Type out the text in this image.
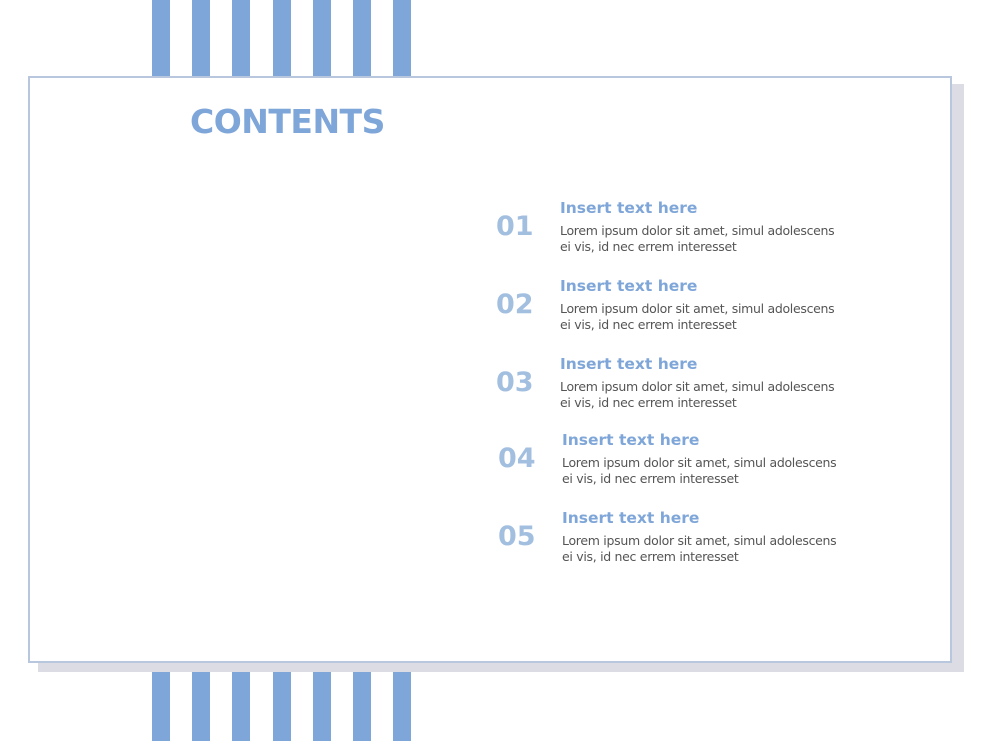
CONTENTS
01
Insert text here
Lorem ipsum dolor sit amet, simul adolescens
ei vis, id nec errem interesset
02
Insert text here
Lorem ipsum dolor sit amet, simul adolescens
ei vis, id nec errem interesset
03
Insert text here
Lorem ipsum dolor sit amet, simul adolescens
ei vis, id nec errem interesset
04
Insert text here
Lorem ipsum dolor sit amet, simul adolescens
ei vis, id nec errem interesset
05
Insert text here
Lorem ipsum dolor sit amet, simul adolescens
ei vis, id nec errem interesset
